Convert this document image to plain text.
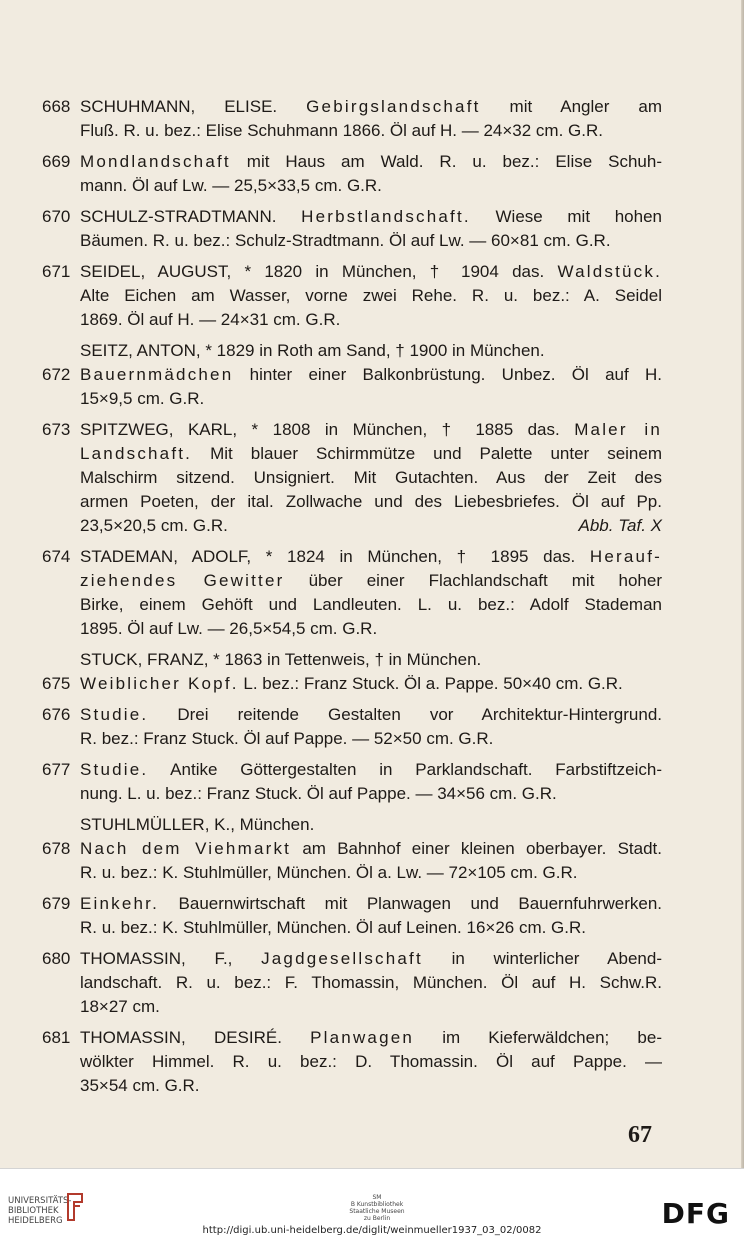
668 SCHUHMANN, ELISE. Gebirgslandschaft mit Angler am
Fluß. R. u. bez.: Elise Schuhmann 1866. Öl auf H. — 24×32 cm. G.R.
669 Mondlandschaft mit Haus am Wald. R. u. bez.: Elise Schuh-
mann. Öl auf Lw. — 25,5×33,5 cm. G.R.
670 SCHULZ-STRADTMANN. Herbstlandschaft. Wiese mit hohen
Bäumen. R. u. bez.: Schulz-Stradtmann. Öl auf Lw. — 60×81 cm. G.R.
671 SEIDEL, AUGUST, * 1820 in München, † 1904 das. Waldstück.
Alte Eichen am Wasser, vorne zwei Rehe. R. u. bez.: A. Seidel
1869. Öl auf H. — 24×31 cm. G.R.
SEITZ, ANTON, * 1829 in Roth am Sand, † 1900 in München.
672 Bauernmädchen hinter einer Balkonbrüstung. Unbez. Öl auf H.
15×9,5 cm. G.R.
673 SPITZWEG, KARL, * 1808 in München, † 1885 das. Maler in
Landschaft. Mit blauer Schirmmütze und Palette unter seinem
Malschirm sitzend. Unsigniert. Mit Gutachten. Aus der Zeit des
armen Poeten, der ital. Zollwache und des Liebesbriefes. Öl auf Pp.
23,5×20,5 cm. G.R.	Abb. Taf. X
674 STADEMAN, ADOLF, * 1824 in München, † 1895 das. Herauf-
ziehendes Gewitter über einer Flachlandschaft mit hoher
Birke, einem Gehöft und Landleuten. L. u. bez.: Adolf Stademan
1895. Öl auf Lw. — 26,5×54,5 cm. G.R.
STUCK, FRANZ, * 1863 in Tettenweis, † in München.
675 Weiblicher Kopf. L. bez.: Franz Stuck. Öl a. Pappe. 50×40 cm. G.R.
676 Studie. Drei reitende Gestalten vor Architektur-Hintergrund.
R. bez.: Franz Stuck. Öl auf Pappe. — 52×50 cm. G.R.
677 Studie. Antike Göttergestalten in Parklandschaft. Farbstiftzeich-
nung. L. u. bez.: Franz Stuck. Öl auf Pappe. — 34×56 cm. G.R.
STUHLMÜLLER, K., München.
678 Nach dem Viehmarkt am Bahnhof einer kleinen oberbayer. Stadt.
R. u. bez.: K. Stuhlmüller, München. Öl a. Lw. — 72×105 cm. G.R.
679 Einkehr. Bauernwirtschaft mit Planwagen und Bauernfuhrwerken.
R. u. bez.: K. Stuhlmüller, München. Öl auf Leinen. 16×26 cm. G.R.
680 THOMASSIN, F., Jagdgesellschaft in winterlicher Abend-
landschaft. R. u. bez.: F. Thomassin, München. Öl auf H. Schw.R.
18×27 cm.
681 THOMASSIN, DESIRÉ. Planwagen im Kieferwäldchen; be-
wölkter Himmel. R. u. bez.: D. Thomassin. Öl auf Pappe. —
35×54 cm. G.R.
67
UNIVERSITÄTS-
BIBLIOTHEK
HEIDELBERG
SM
B Kunstbibliothek
Staatliche Museen
zu Berlin	DFG
http://digi.ub.uni-heidelberg.de/diglit/weinmueller1937_03_02/0082
